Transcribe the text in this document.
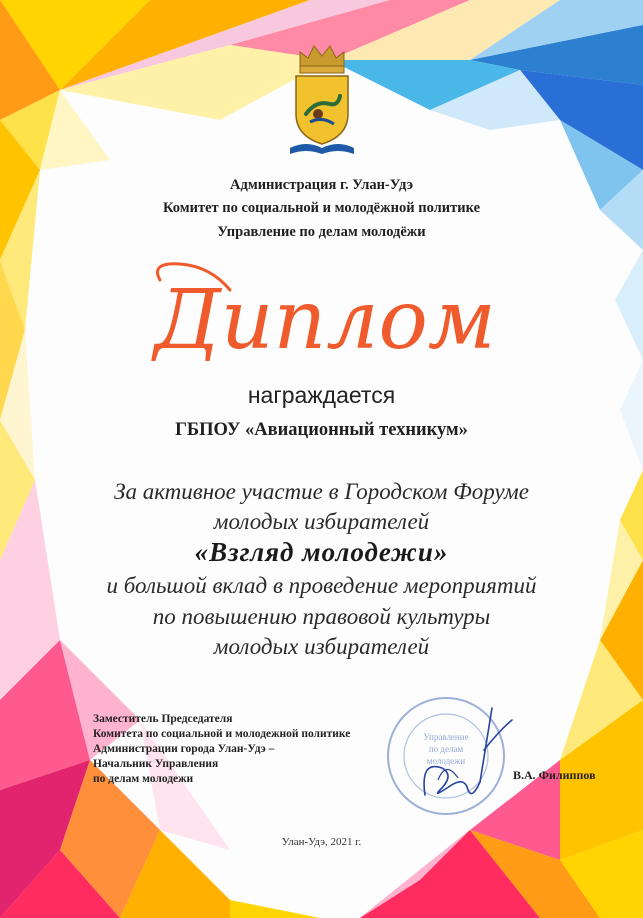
Администрация г. Улан-Удэ
Комитет по социальной и молодёжной политике
Управление по делам молодёжи
Диплом
награждается
ГБПОУ «Авиационный техникум»
За активное участие в Городском Форуме
молодых избирателей
«Взгляд молодежи»
и большой вклад в проведение мероприятий
по повышению правовой культуры
молодых избирателей
Заместитель Председателя
Комитета по социальной и молодежной политике
Администрации города Улан-Удэ –
Начальник Управления
по делам молодежи
Управление
по делам
молодежи
В.А. Филиппов
Улан-Удэ, 2021 г.
